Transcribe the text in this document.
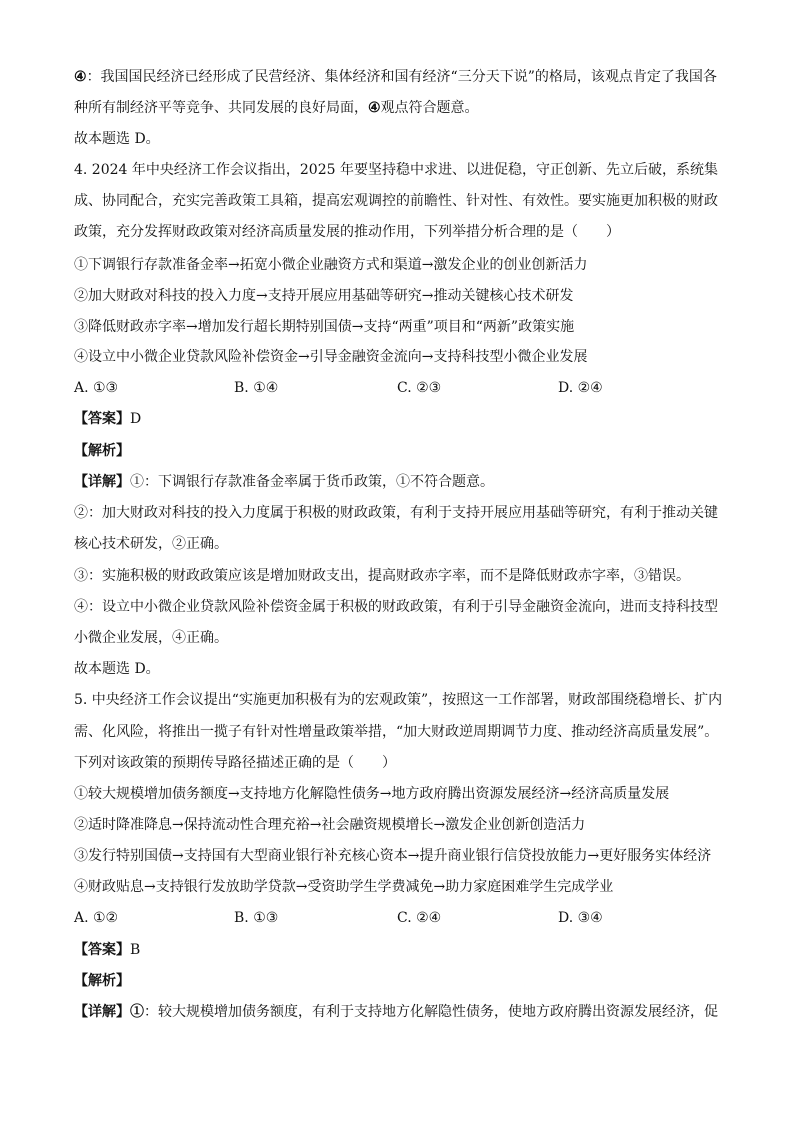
④：我国国民经济已经形成了民营经济、集体经济和国有经济“三分天下说”的格局，该观点肯定了我国各
种所有制经济平等竞争、共同发展的良好局面，④观点符合题意。
故本题选 D。
4. 2024 年中央经济工作会议指出，2025 年要坚持稳中求进、以进促稳，守正创新、先立后破，系统集
成、协同配合，充实完善政策工具箱，提高宏观调控的前瞻性、针对性、有效性。要实施更加积极的财政
政策，充分发挥财政政策对经济高质量发展的推动作用，下列举措分析合理的是（　　）
①下调银行存款准备金率→拓宽小微企业融资方式和渠道→激发企业的创业创新活力
②加大财政对科技的投入力度→支持开展应用基础等研究→推动关键核心技术研发
③降低财政赤字率→增加发行超长期特别国债→支持“两重”项目和“两新”政策实施
④设立中小微企业贷款风险补偿资金→引导金融资金流向→支持科技型小微企业发展
A. ①③	B. ①④	C. ②③	D. ②④
【答案】D
【解析】
【详解】①：下调银行存款准备金率属于货币政策，①不符合题意。
②：加大财政对科技的投入力度属于积极的财政政策，有利于支持开展应用基础等研究，有利于推动关键
核心技术研发，②正确。
③：实施积极的财政政策应该是增加财政支出，提高财政赤字率，而不是降低财政赤字率，③错误。
④：设立中小微企业贷款风险补偿资金属于积极的财政政策，有利于引导金融资金流向，进而支持科技型
小微企业发展，④正确。
故本题选 D。
5. 中央经济工作会议提出“实施更加积极有为的宏观政策”，按照这一工作部署，财政部围绕稳增长、扩内
需、化风险，将推出一揽子有针对性增量政策举措，“加大财政逆周期调节力度、推动经济高质量发展”。
下列对该政策的预期传导路径描述正确的是（　　）
①较大规模增加债务额度→支持地方化解隐性债务→地方政府腾出资源发展经济→经济高质量发展
②适时降准降息→保持流动性合理充裕→社会融资规模增长→激发企业创新创造活力
③发行特别国债→支持国有大型商业银行补充核心资本→提升商业银行信贷投放能力→更好服务实体经济
④财政贴息→支持银行发放助学贷款→受资助学生学费减免→助力家庭困难学生完成学业
A. ①②	B. ①③	C. ②④	D. ③④
【答案】B
【解析】
【详解】①：较大规模增加债务额度，有利于支持地方化解隐性债务，使地方政府腾出资源发展经济，促
